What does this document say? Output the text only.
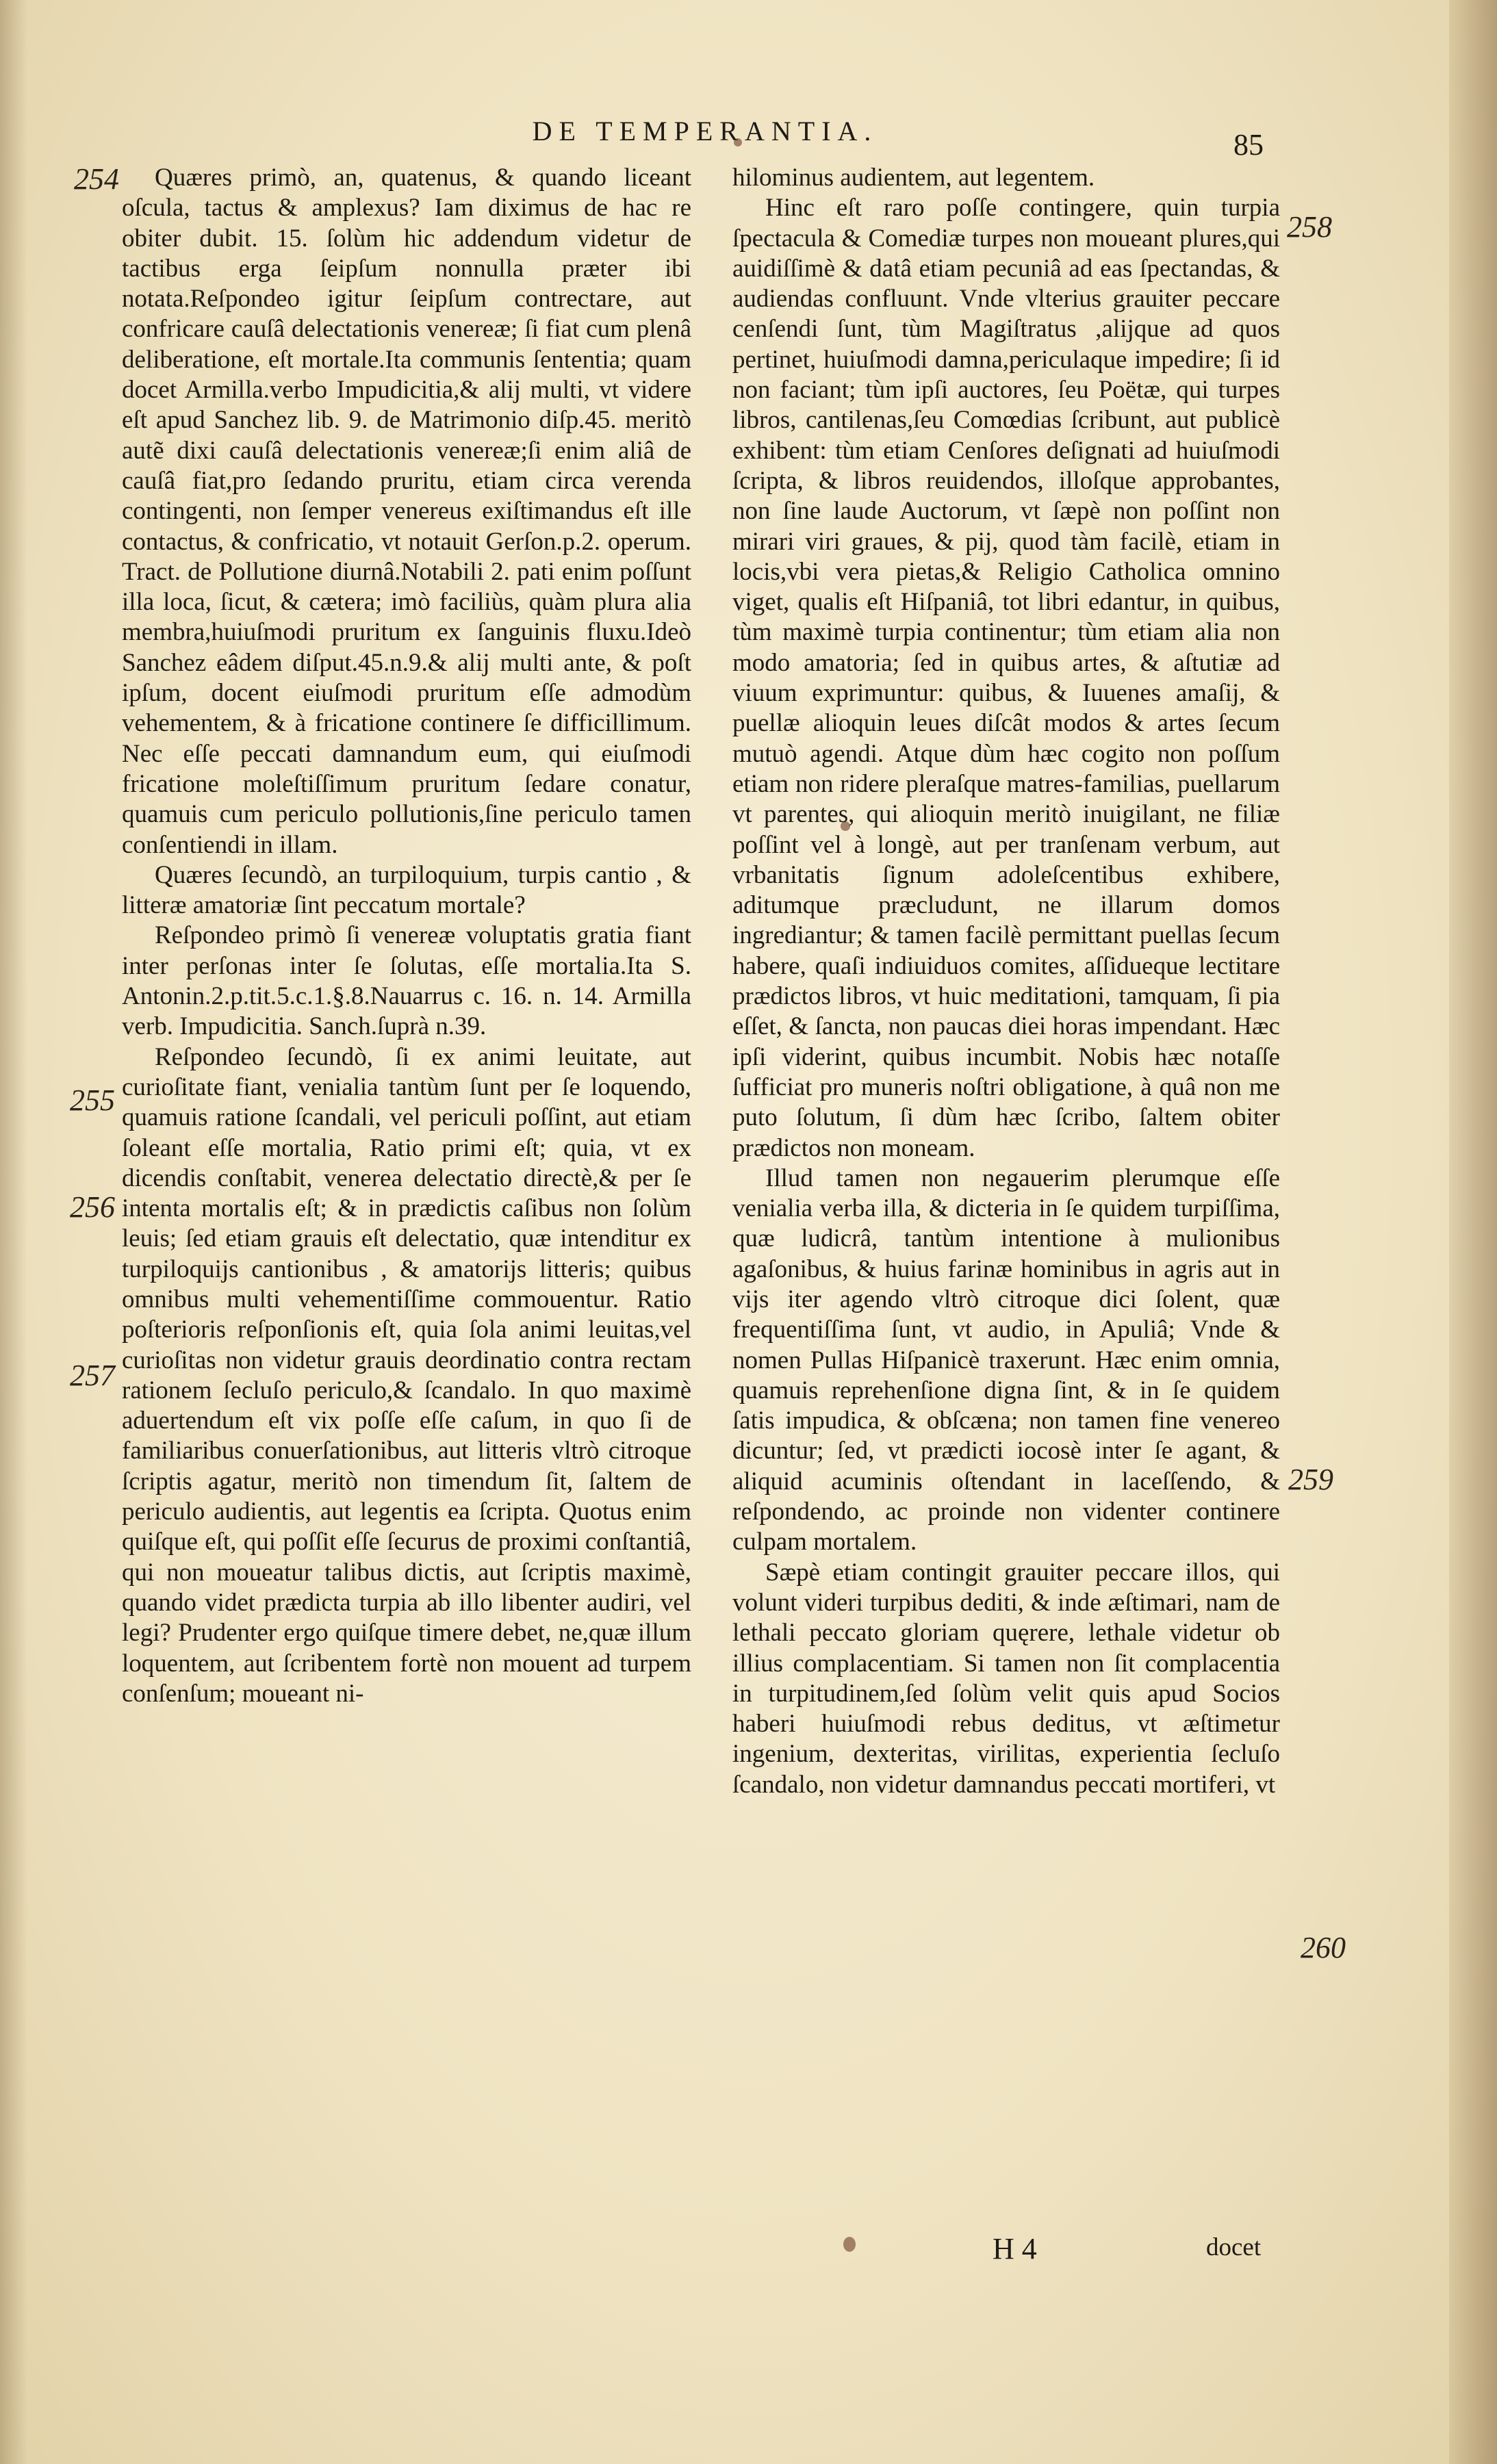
DE TEMPERANTIA.	85
254
255
256
257
258
259
260

Quæres primò, an, quatenus, & quando liceant oſcula, tactus & amplexus? Iam diximus de hac re obiter dubit. 15. ſolùm hic addendum videtur de tactibus erga ſeipſum nonnulla præter ibi notata.Reſpondeo igitur ſeipſum contrectare, aut confricare cauſâ delectationis venereæ; ſi fiat cum plenâ deliberatione, eſt mortale.Ita communis ſententia; quam docet Armilla.verbo Impudicitia,& alij multi, vt videre eſt apud Sanchez lib. 9. de Matrimonio diſp.45. meritò autẽ dixi cauſâ delectationis venereæ;ſi enim aliâ de cauſâ fiat,pro ſedando pruritu, etiam circa verenda contingenti, non ſemper venereus exiſtimandus eſt ille contactus, & confricatio, vt notauit Gerſon.p.2. operum. Tract. de Pollutione diurnâ.Notabili 2. pati enim poſſunt illa loca, ſicut, & cætera; imò faciliùs, quàm plura alia membra,huiuſmodi pruritum ex ſanguinis fluxu.Ideò Sanchez eâdem diſput.45.n.9.& alij multi ante, & poſt ipſum, docent eiuſmodi pruritum eſſe admodùm vehementem, & à fricatione continere ſe difficillimum. Nec eſſe peccati damnandum eum, qui eiuſmodi fricatione moleſtiſſimum pruritum ſedare conatur, quamuis cum periculo pollutionis,ſine periculo tamen conſentiendi in illam.

Quæres ſecundò, an turpiloquium, turpis cantio , & litteræ amatoriæ ſint peccatum mortale?

Reſpondeo primò ſi venereæ voluptatis gratia fiant inter perſonas inter ſe ſolutas, eſſe mortalia.Ita S. Antonin.2.p.tit.5.c.1.§.8.Nauarrus c. 16. n. 14. Armilla verb. Impudicitia. Sanch.ſuprà n.39.

Reſpondeo ſecundò, ſi ex animi leuitate, aut curioſitate fiant, venialia tantùm ſunt per ſe loquendo, quamuis ratione ſcandali, vel periculi poſſint, aut etiam ſoleant eſſe mortalia, Ratio primi eſt; quia, vt ex dicendis conſtabit, venerea delectatio directè,& per ſe intenta mortalis eſt; & in prædictis caſibus non ſolùm leuis; ſed etiam grauis eſt delectatio, quæ intenditur ex turpiloquijs cantionibus , & amatorijs litteris; quibus omnibus multi vehementiſſime commouentur. Ratio poſterioris reſponſionis eſt, quia ſola animi leuitas,vel curioſitas non videtur grauis deordinatio contra rectam rationem ſecluſo periculo,& ſcandalo. In quo maximè aduertendum eſt vix poſſe eſſe caſum, in quo ſi de familiaribus conuerſationibus, aut litteris vltrò citroque ſcriptis agatur, meritò non timendum ſit, ſaltem de periculo audientis, aut legentis ea ſcripta. Quotus enim quiſque eſt, qui poſſit eſſe ſecurus de proximi conſtantiâ, qui non moueatur talibus dictis, aut ſcriptis maximè, quando videt prædicta turpia ab illo libenter audiri, vel legi? Prudenter ergo quiſque timere debet, ne,quæ illum loquentem, aut ſcribentem fortè non mouent ad turpem conſenſum; moueant ni-

hilominus audientem, aut legentem.

Hinc eſt raro poſſe contingere, quin turpia ſpectacula & Comediæ turpes non moueant plures,qui auidiſſimè & datâ etiam pecuniâ ad eas ſpectandas, & audiendas confluunt. Vnde vlterius grauiter peccare cenſendi ſunt, tùm Magiſtratus ,alijque ad quos pertinet, huiuſmodi damna,periculaque impedire; ſi id non faciant; tùm ipſi auctores, ſeu Poëtæ, qui turpes libros, cantilenas,ſeu Comœdias ſcribunt, aut publicè exhibent: tùm etiam Cenſores deſignati ad huiuſmodi ſcripta, & libros reuidendos, illoſque approbantes, non ſine laude Auctorum, vt ſæpè non poſſint non mirari viri graues, & pij, quod tàm facilè, etiam in locis,vbi vera pietas,& Religio Catholica omnino viget, qualis eſt Hiſpaniâ, tot libri edantur, in quibus, tùm maximè turpia continentur; tùm etiam alia non modo amatoria; ſed in quibus artes, & aſtutiæ ad viuum exprimuntur: quibus, & Iuuenes amaſij, & puellæ alioquin leues diſcât modos & artes ſecum mutuò agendi. Atque dùm hæc cogito non poſſum etiam non ridere pleraſque matres-familias, puellarum vt parentes, qui alioquin meritò inuigilant, ne filiæ poſſint vel à longè, aut per tranſenam verbum, aut vrbanitatis ſignum adoleſcentibus exhibere, aditumque præcludunt, ne illarum domos ingrediantur; & tamen facilè permittant puellas ſecum habere, quaſi indiuiduos comites, aſſidueque lectitare prædictos libros, vt huic meditationi, tamquam, ſi pia eſſet, & ſancta, non paucas diei horas impendant. Hæc ipſi viderint, quibus incumbit. Nobis hæc notaſſe ſufficiat pro muneris noſtri obligatione, à quâ non me puto ſolutum, ſi dùm hæc ſcribo, ſaltem obiter prædictos non moneam.

Illud tamen non negauerim plerumque eſſe venialia verba illa, & dicteria in ſe quidem turpiſſima, quæ ludicrâ, tantùm intentione à mulionibus agaſonibus, & huius farinæ hominibus in agris aut in vijs iter agendo vltrò citroque dici ſolent, quæ frequentiſſima ſunt, vt audio, in Apuliâ; Vnde & nomen Pullas Hiſpanicè traxerunt. Hæc enim omnia, quamuis reprehenſione digna ſint, & in ſe quidem ſatis impudica, & obſcæna; non tamen fine venereo dicuntur; ſed, vt prædicti iocosè inter ſe agant, & aliquid acuminis oſtendant in laceſſendo, & reſpondendo, ac proinde non videnter continere culpam mortalem.

Sæpè etiam contingit grauiter peccare illos, qui volunt videri turpibus dediti, & inde æſtimari, nam de lethali peccato gloriam quęrere, lethale videtur ob illius complacentiam. Si tamen non ſit complacentia in turpitudinem,ſed ſolùm velit quis apud Socios haberi huiuſmodi rebus deditus, vt æſtimetur ingenium, dexteritas, virilitas, experientia ſecluſo ſcandalo, non videtur damnandus peccati mortiferi, vt

H 4	docet
